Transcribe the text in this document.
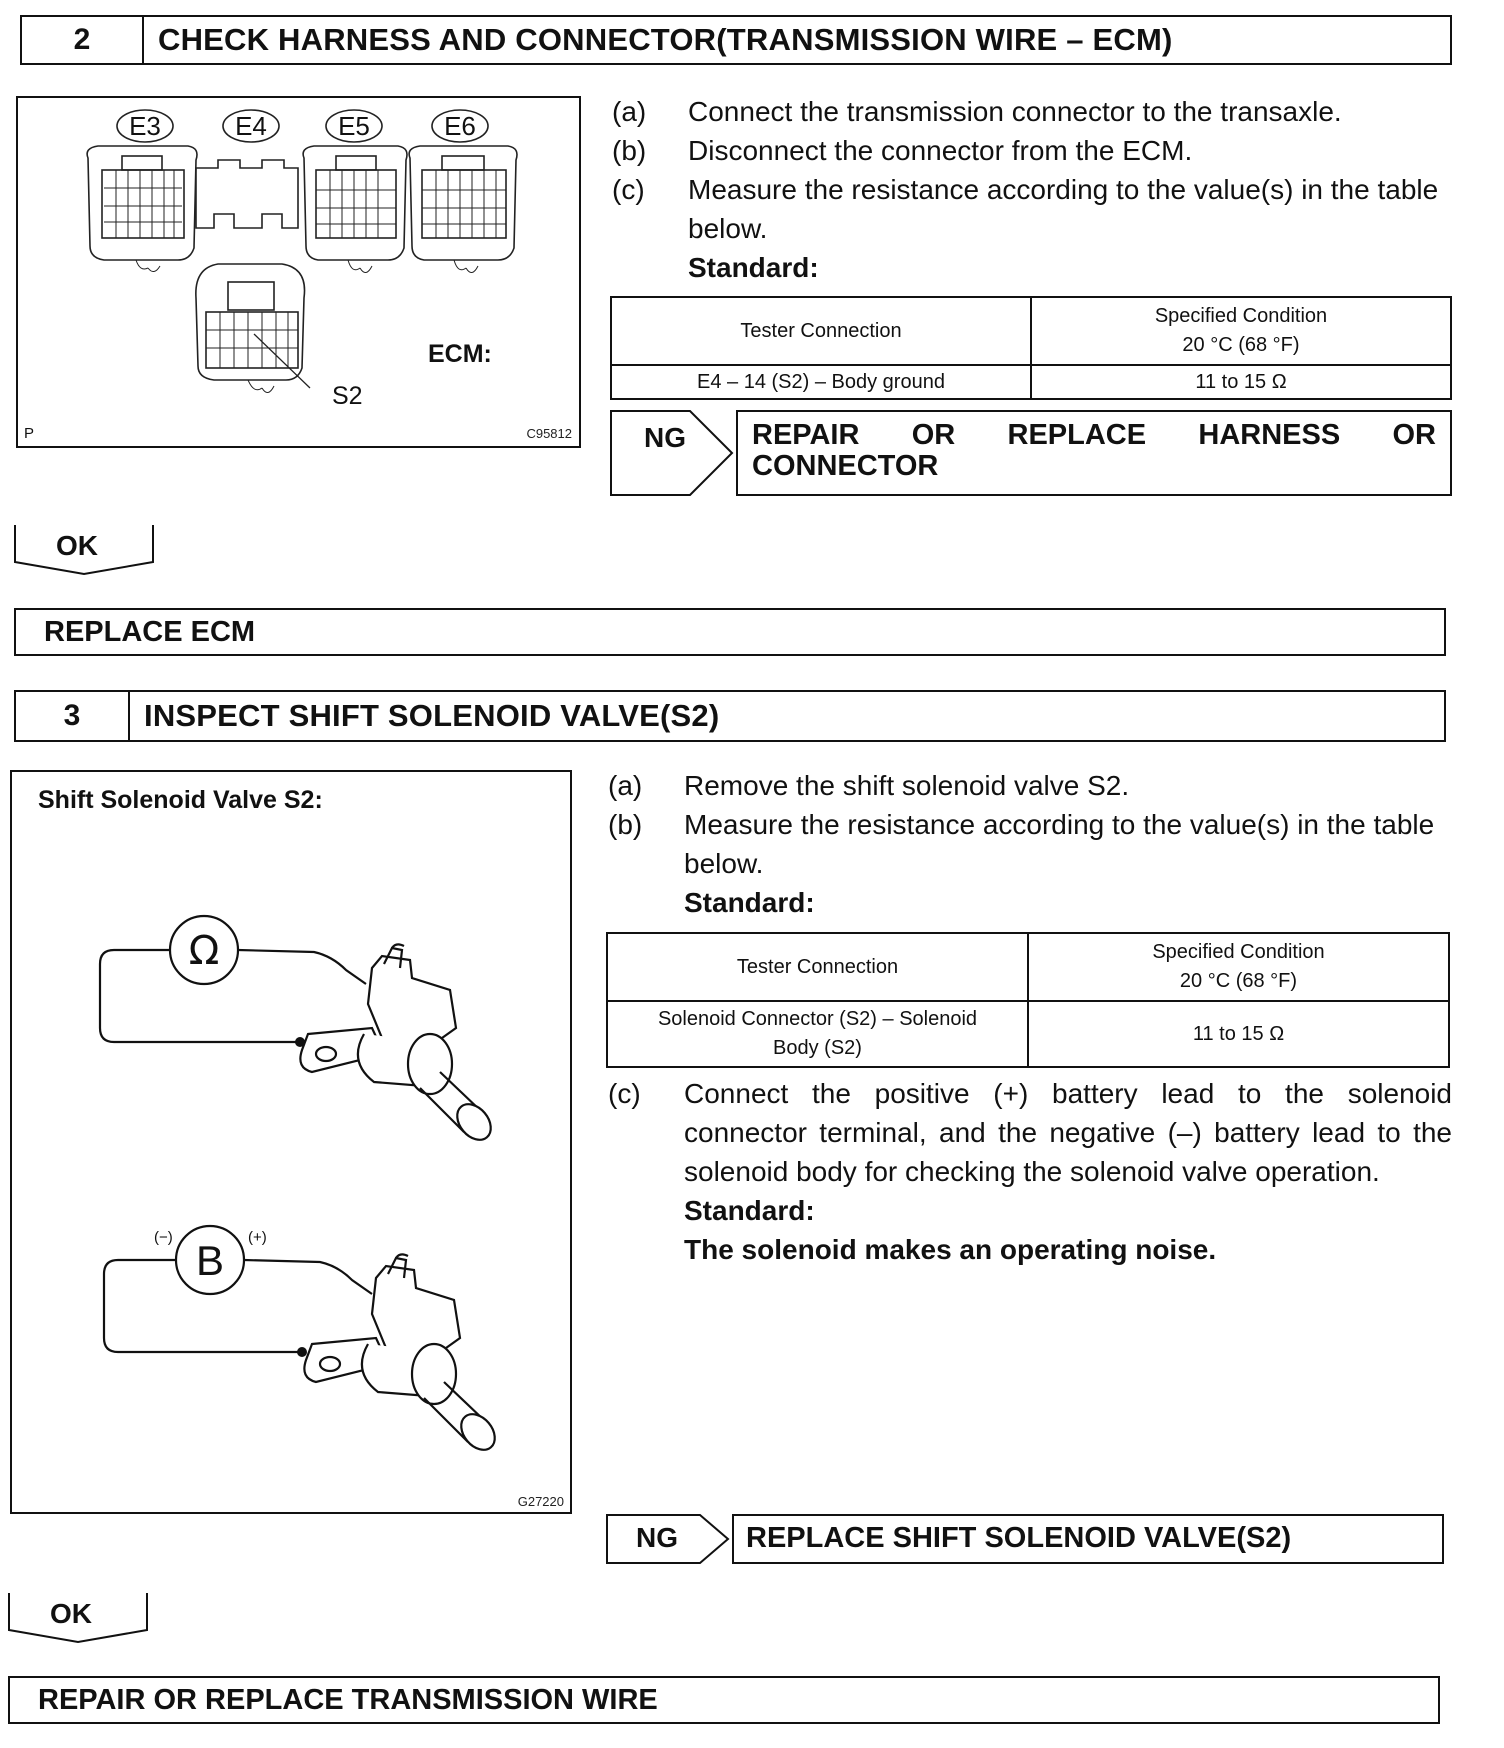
2	CHECK HARNESS AND CONNECTOR(TRANSMISSION WIRE – ECM)
E3	E4	E5	E6
ECM:
S2
P	C95812
(a)	Connect the transmission connector to the transaxle.
(b)	Disconnect the connector from the ECM.
(c)	Measure the resistance according to the value(s) in the table below.
Standard:
Tester Connection	Specified Condition
20 °C (68 °F)

E4 – 14 (S2) – Body ground	11 to 15 Ω
NG REPAIR OR REPLACE HARNESS OR CONNECTOR
OK
REPLACE ECM
3	INSPECT SHIFT SOLENOID VALVE(S2)
Shift Solenoid Valve S2:
Ω
B
(−)	(+)
G27220
(a)	Remove the shift solenoid valve S2.
(b)	Measure the resistance according to the value(s) in the table below.
Standard:
Tester Connection	Specified Condition
20 °C (68 °F)

Solenoid Connector (S2) – Solenoid
Body (S2)	11 to 15 Ω
(c)	Connect the positive (+) battery lead to the solenoid connector terminal, and the negative (–) battery lead to the solenoid body for checking the solenoid valve operation.
Standard:
The solenoid makes an operating noise.
NG REPLACE SHIFT SOLENOID VALVE(S2)
OK
REPAIR OR REPLACE TRANSMISSION WIRE
